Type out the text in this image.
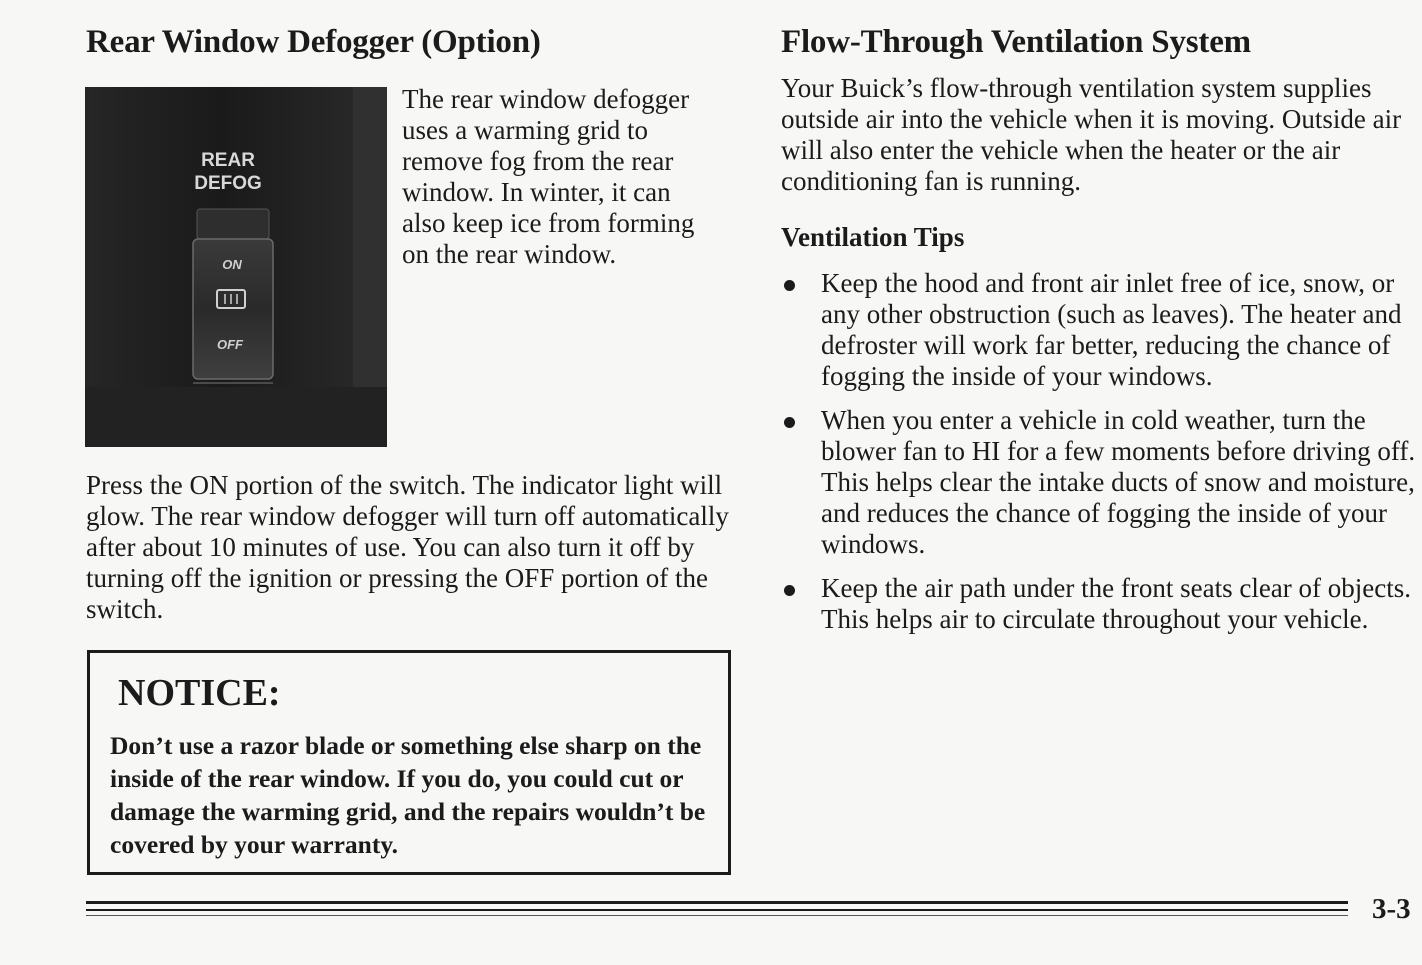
Rear Window Defogger (Option)
REAR
DEFOG
ON
OFF

The rear window defogger uses a warming grid to remove fog from the rear window. In winter, it can also keep ice from forming on the rear window.

Press the ON portion of the switch. The indicator light will glow. The rear window defogger will turn off automatically after about 10 minutes of use. You can also turn it off by turning off the ignition or pressing the OFF portion of the switch.

NOTICE:

Don’t use a razor blade or something else sharp on the inside of the rear window. If you do, you could cut or damage the warming grid, and the repairs wouldn’t be covered by your warranty.

Flow-Through Ventilation System

Your Buick’s flow-through ventilation system supplies outside air into the vehicle when it is moving. Outside air will also enter the vehicle when the heater or the air conditioning fan is running.

Ventilation Tips

Keep the hood and front air inlet free of ice, snow, or any other obstruction (such as leaves). The heater and defroster will work far better, reducing the chance of fogging the inside of your windows.
When you enter a vehicle in cold weather, turn the blower fan to HI for a few moments before driving off. This helps clear the intake ducts of snow and moisture, and reduces the chance of fogging the inside of your windows.
Keep the air path under the front seats clear of objects. This helps air to circulate throughout your vehicle.

3-3
